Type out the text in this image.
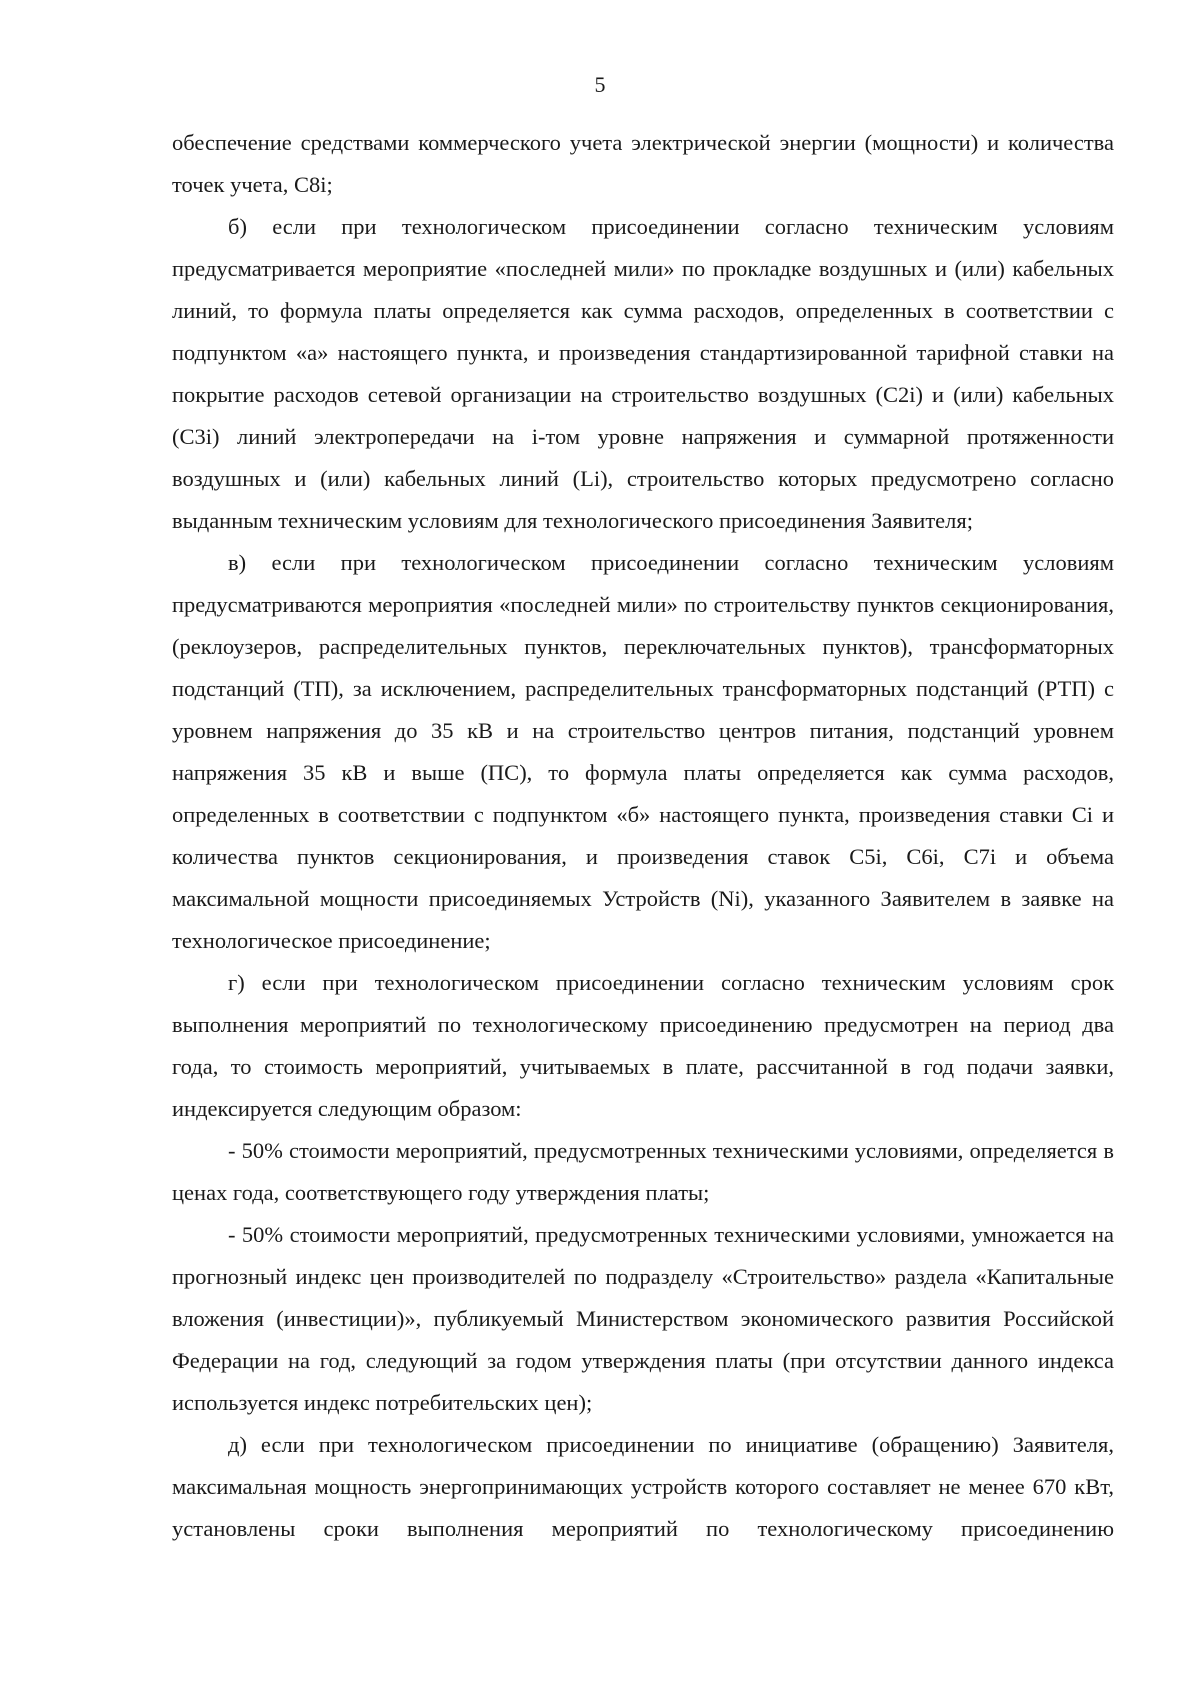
5

обеспечение средствами коммерческого учета электрической энергии (мощности) и количества точек учета, С8i;

б) если при технологическом присоединении согласно техническим условиям предусматривается мероприятие «последней мили» по прокладке воздушных и (или) кабельных линий, то формула платы определяется как сумма расходов, определенных в соответствии с подпунктом «а» настоящего пункта, и произведения стандартизированной тарифной ставки на покрытие расходов сетевой организации на строительство воздушных (С2i) и (или) кабельных (С3i) линий электропередачи на i-том уровне напряжения и суммарной протяженности воздушных и (или) кабельных линий (Li), строительство которых предусмотрено согласно выданным техническим условиям для технологического присоединения Заявителя;

в) если при технологическом присоединении согласно техническим условиям предусматриваются мероприятия «последней мили» по строительству пунктов секционирования, (реклоузеров, распределительных пунктов, переключательных пунктов), трансформаторных подстанций (ТП), за исключением, распределительных трансформаторных подстанций (РТП) с уровнем напряжения до 35 кВ и на строительство центров питания, подстанций уровнем напряжения 35 кВ и выше (ПС), то формула платы определяется как сумма расходов, определенных в соответствии с подпунктом «б» настоящего пункта, произведения ставки Сi и количества пунктов секционирования, и произведения ставок С5i, С6i, С7i и объема максимальной мощности присоединяемых Устройств (Ni), указанного Заявителем в заявке на технологическое присоединение;

г) если при технологическом присоединении согласно техническим условиям срок выполнения мероприятий по технологическому присоединению предусмотрен на период два года, то стоимость мероприятий, учитываемых в плате, рассчитанной в год подачи заявки, индексируется следующим образом:

- 50% стоимости мероприятий, предусмотренных техническими условиями, определяется в ценах года, соответствующего году утверждения платы;

- 50% стоимости мероприятий, предусмотренных техническими условиями, умножается на прогнозный индекс цен производителей по подразделу «Строительство» раздела «Капитальные вложения (инвестиции)», публикуемый Министерством экономического развития Российской Федерации на год, следующий за годом утверждения платы (при отсутствии данного индекса используется индекс потребительских цен);

д) если при технологическом присоединении по инициативе (обращению) Заявителя, максимальная мощность энергопринимающих устройств которого составляет не менее 670 кВт, установлены сроки выполнения мероприятий по технологическому присоединению
